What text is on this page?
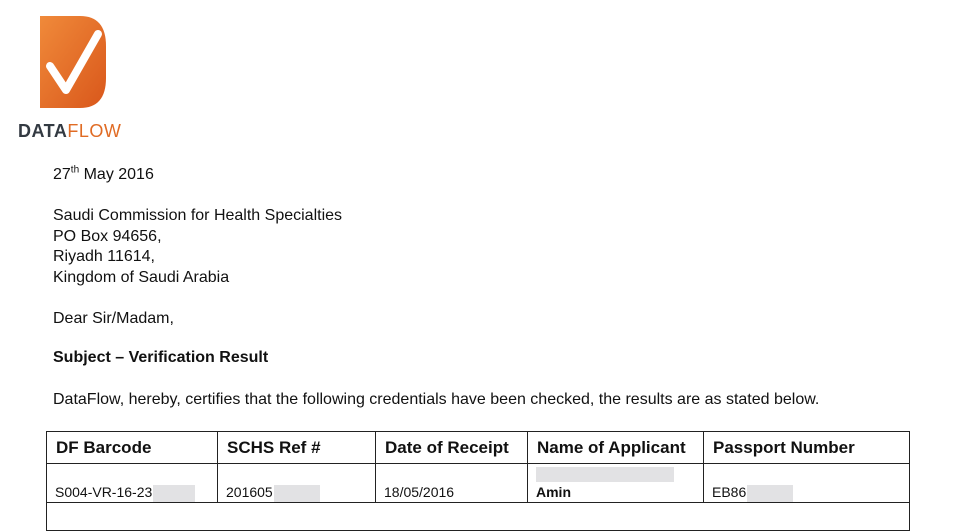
DATAFLOW
27th May 2016
Saudi Commission for Health Specialties
PO Box 94656,
Riyadh 11614,
Kingdom of Saudi Arabia
Dear Sir/Madam,
Subject – Verification Result
DataFlow, hereby, certifies that the following credentials have been checked, the results are as stated below.
DF Barcode	SCHS Ref #	Date of Receipt	Name of Applicant	Passport Number
S004-VR-16-23	201605	18/05/2016	Amin	EB86
